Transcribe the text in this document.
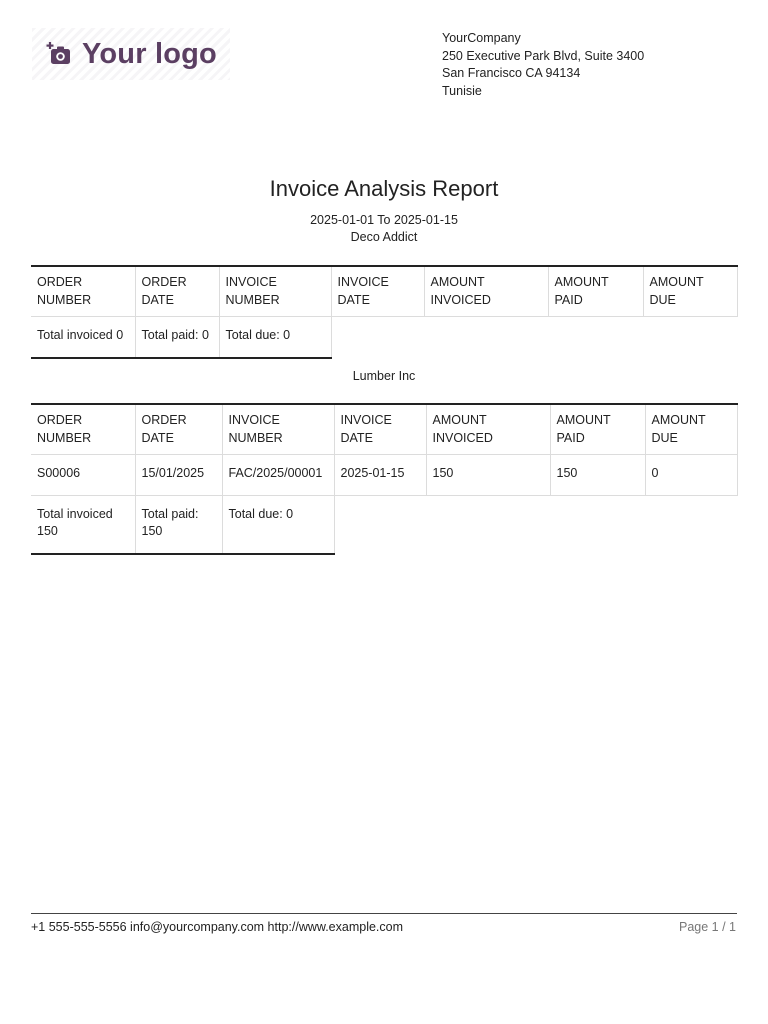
Your logo	YourCompany
250 Executive Park Blvd, Suite 3400
San Francisco CA 94134
Tunisie
Invoice Analysis Report
2025-01-01 To 2025-01-15
Deco Addict
ORDER NUMBER	ORDER DATE	INVOICE NUMBER	INVOICE DATE	AMOUNT INVOICED	AMOUNT PAID	AMOUNT DUE
Total invoiced 0	Total paid: 0	Total due: 0				
Lumber Inc
ORDER NUMBER	ORDER DATE	INVOICE NUMBER	INVOICE DATE	AMOUNT INVOICED	AMOUNT PAID	AMOUNT DUE
S00006	15/01/2025	FAC/2025/00001	2025-01-15	150	150	0
Total invoiced 150	Total paid: 150	Total due: 0				
+1 555-555-5556 info@yourcompany.com http://www.example.com	Page 1 / 1
